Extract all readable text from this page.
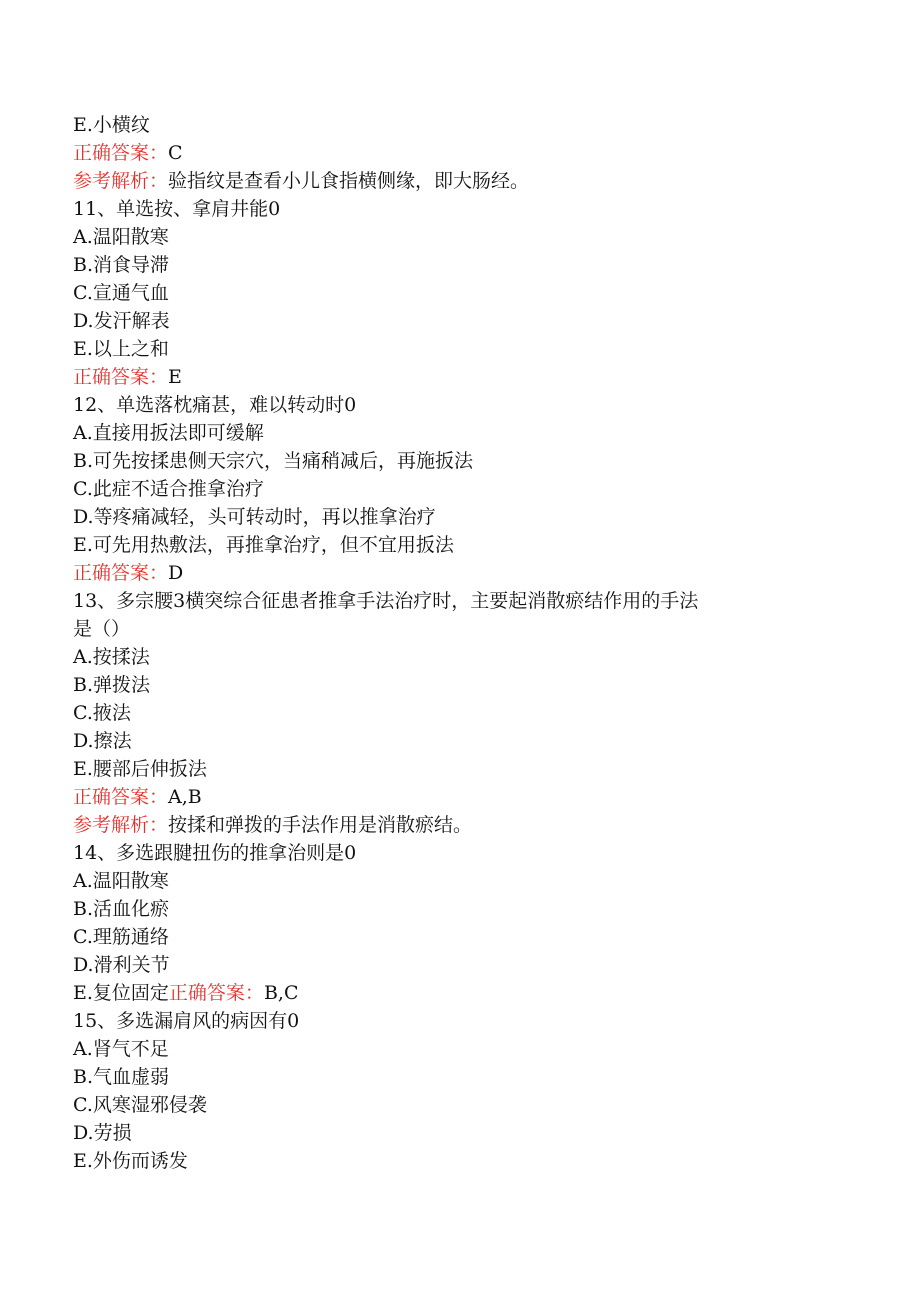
E.小横纹
正确答案：C
参考解析：验指纹是查看小儿食指横侧缘，即大肠经。
11、单选按、拿肩井能0
A.温阳散寒
B.消食导滞
C.宣通气血
D.发汗解表
E.以上之和
正确答案：E
12、单选落枕痛甚，难以转动时0
A.直接用扳法即可缓解
B.可先按揉患侧天宗穴，当痛稍减后，再施扳法
C.此症不适合推拿治疗
D.等疼痛减轻，头可转动时，再以推拿治疗
E.可先用热敷法，再推拿治疗，但不宜用扳法
正确答案：D
13、多宗腰3横突综合征患者推拿手法治疗时，主要起消散瘀结作用的手法
是（）
A.按揉法
B.弹拨法
C.掖法
D.擦法
E.腰部后伸扳法
正确答案：A,B
参考解析：按揉和弹拨的手法作用是消散瘀结。
14、多选跟腱扭伤的推拿治则是0
A.温阳散寒
B.活血化瘀
C.理筋通络
D.滑利关节
E.复位固定正确答案：B,C
15、多选漏肩风的病因有0
A.肾气不足
B.气血虚弱
C.风寒湿邪侵袭
D.劳损
E.外伤而诱发
